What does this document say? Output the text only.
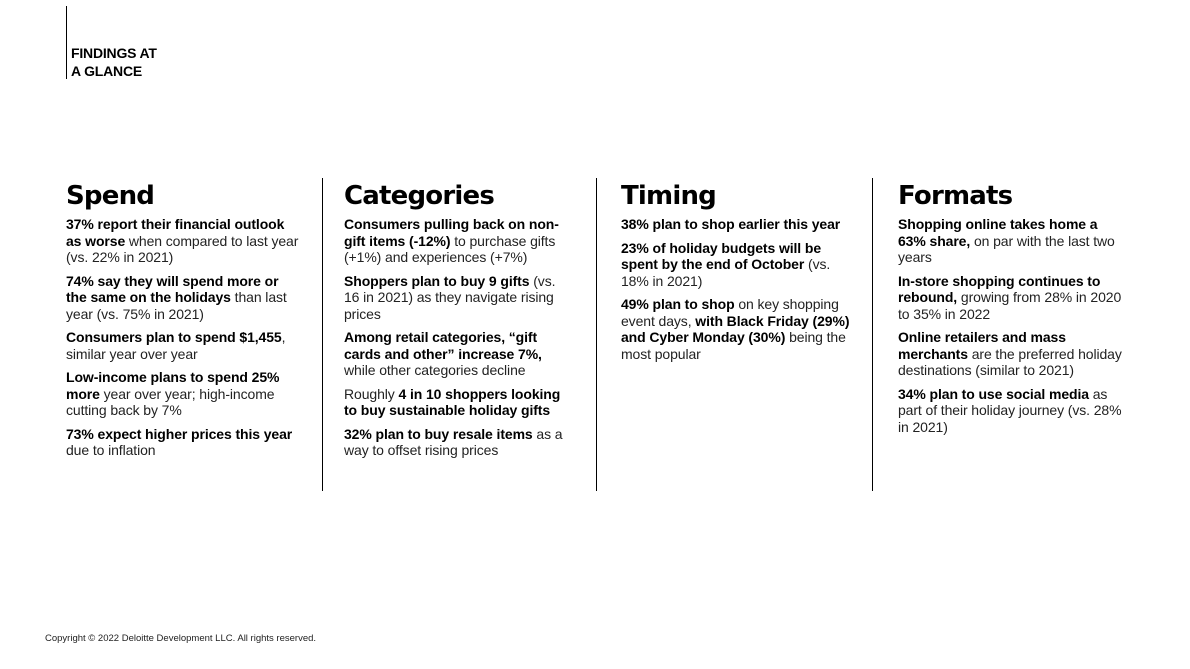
FINDINGS AT
A GLANCE
Spend

37% report their financial outlook as worse when compared to last year (vs. 22% in 2021)

74% say they will spend more or the same on the holidays than last year (vs. 75% in 2021)

Consumers plan to spend $1,455, similar year over year

Low-income plans to spend 25% more year over year; high-income cutting back by 7%

73% expect higher prices this year due to inflation

Categories

Consumers pulling back on non-gift items (-12%) to purchase gifts (+1%) and experiences (+7%)

Shoppers plan to buy 9 gifts (vs. 16 in 2021) as they navigate rising prices

Among retail categories, “gift cards and other” increase 7%, while other categories decline

Roughly 4 in 10 shoppers looking to buy sustainable holiday gifts

32% plan to buy resale items as a way to offset rising prices

Timing

38% plan to shop earlier this year

23% of holiday budgets will be spent by the end of October (vs. 18% in 2021)

49% plan to shop on key shopping event days, with Black Friday (29%) and Cyber Monday (30%) being the most popular

Formats

Shopping online takes home a 63% share, on par with the last two years

In-store shopping continues to rebound, growing from 28% in 2020 to 35% in 2022

Online retailers and mass merchants are the preferred holiday destinations (similar to 2021)

34% plan to use social media as part of their holiday journey (vs. 28% in 2021)

Copyright © 2022 Deloitte Development LLC. All rights reserved.
